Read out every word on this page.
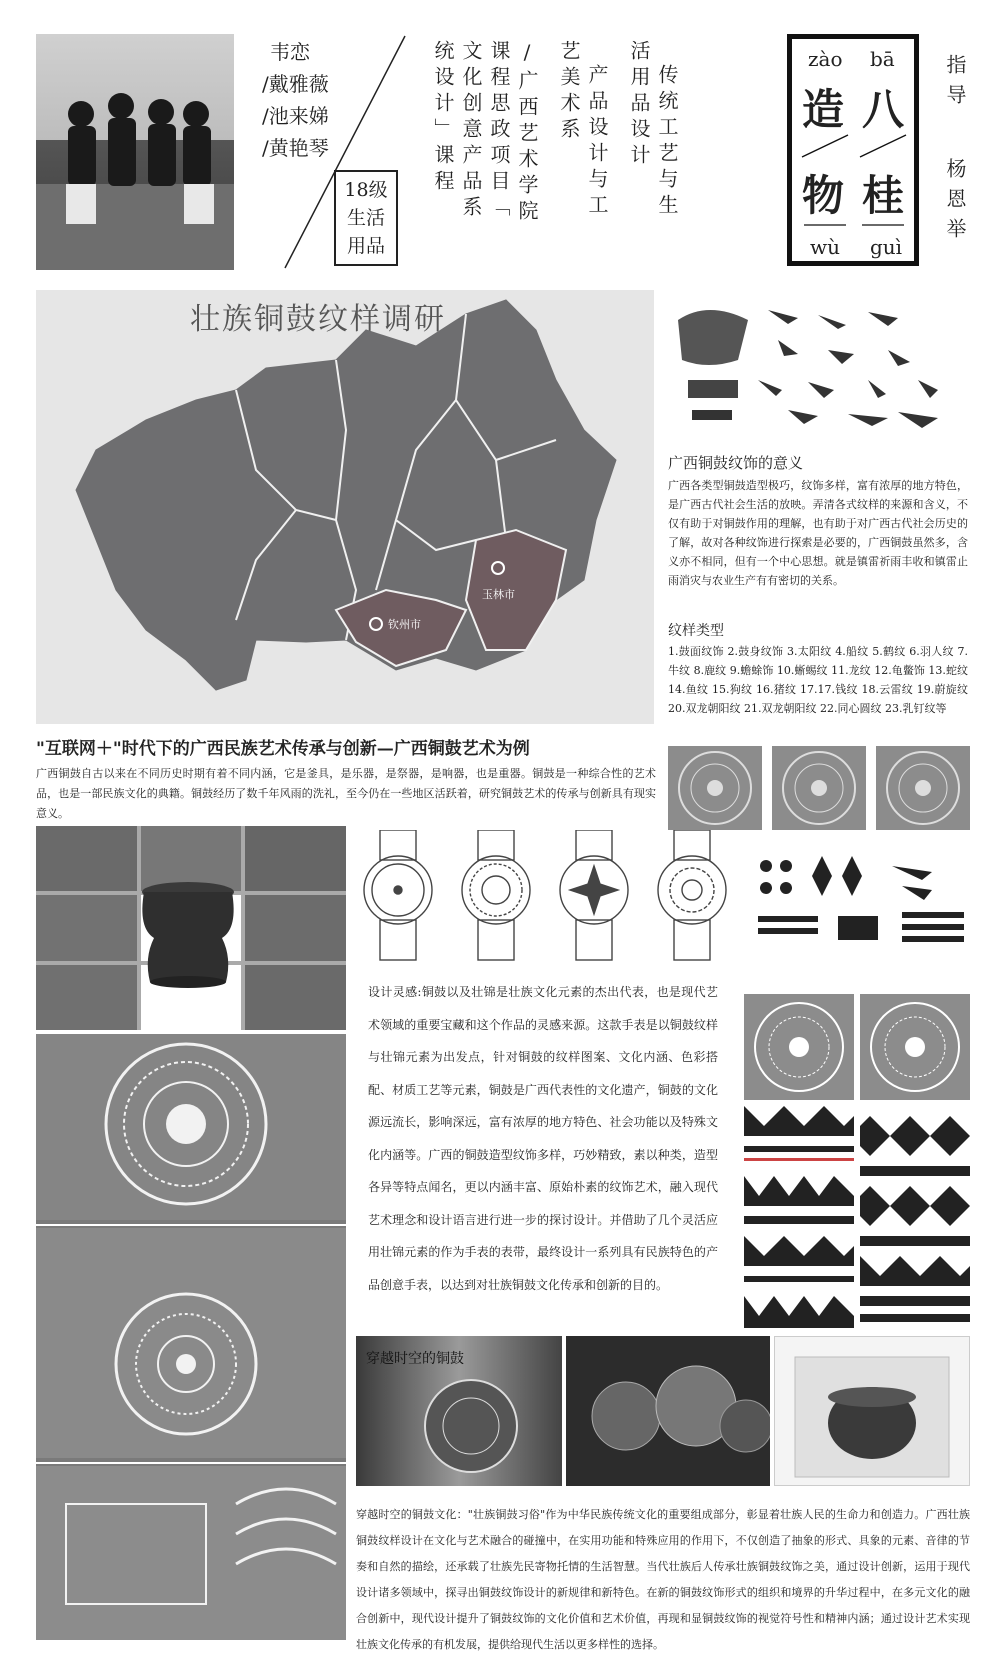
韦恋
/戴雅薇
/池来娣
/黄艳琴
18级
生活
用品
统设计」课程 文化创意产品系 课程思政项目「 /广西艺术学院 艺美术系 产品设计与工 活用品设计 传统工艺与生
zào bā
造 八
物 桂
wù guì
指导
杨恩举
壮族铜鼓纹样调研
玉林市
钦州市
广西铜鼓纹饰的意义
广西各类型铜鼓造型极巧，纹饰多样，富有浓厚的地方特色，是广西古代社会生活的放映。弄清各式纹样的来源和含义，不仅有助于对铜鼓作用的理解，也有助于对广西古代社会历史的了解，故对各种纹饰进行探索是必要的，广西铜鼓虽然多，含义亦不相同，但有一个中心思想。就是镇雷祈雨丰收和镇雷止雨消灾与农业生产有有密切的关系。
纹样类型
1.鼓面纹饰 2.鼓身纹饰 3.太阳纹 4.船纹 5.鹤纹 6.羽人纹 7.牛纹 8.鹿纹 9.蟾蜍饰 10.蜥蜴纹 11.龙纹 12.龟鳖饰 13.蛇纹 14.鱼纹 15.狗纹 16.猪纹 17.17.钱纹 18.云雷纹 19.蔚旋纹 20.双龙朝阳纹 21.双龙朝阳纹 22.同心圆纹 23.乳钉纹等
"互联网＋"时代下的广西民族艺术传承与创新—广西铜鼓艺术为例
广西铜鼓自古以来在不同历史时期有着不同内涵，它是釜具，是乐器，是祭器，是响器，也是重器。铜鼓是一种综合性的艺术品，也是一部民族文化的典籍。铜鼓经历了数千年风雨的洗礼，至今仍在一些地区活跃着，研究铜鼓艺术的传承与创新具有现实意义。
设计灵感:铜鼓以及壮锦是壮族文化元素的杰出代表，也是现代艺术领域的重要宝藏和这个作品的灵感来源。这款手表是以铜鼓纹样与壮锦元素为出发点，针对铜鼓的纹样图案、文化内涵、色彩搭配、材质工艺等元素，铜鼓是广西代表性的文化遗产，铜鼓的文化源远流长，影响深远，富有浓厚的地方特色、社会功能以及特殊文化内涵等。广西的铜鼓造型纹饰多样，巧妙精致，素以种类，造型各异等特点闻名，更以内涵丰富、原始朴素的纹饰艺术，融入现代艺术理念和设计语言进行进一步的探讨设计。并借助了几个灵活应用壮锦元素的作为手表的表带，最终设计一系列具有民族特色的产品创意手表，以达到对壮族铜鼓文化传承和创新的目的。
穿越时空的铜鼓
穿越时空的铜鼓文化："壮族铜鼓习俗"作为中华民族传统文化的重要组成部分，彰显着壮族人民的生命力和创造力。广西壮族铜鼓纹样设计在文化与艺术融合的碰撞中，在实用功能和特殊应用的作用下，不仅创造了抽象的形式、具象的元素、音律的节奏和自然的描绘，还承载了壮族先民寄物托情的生活智慧。当代壮族后人传承壮族铜鼓纹饰之美，通过设计创新，运用于现代设计诸多领域中，探寻出铜鼓纹饰设计的新规律和新特色。在新的铜鼓纹饰形式的组织和境界的升华过程中，在多元文化的融合创新中，现代设计提升了铜鼓纹饰的文化价值和艺术价值，再现和显铜鼓纹饰的视觉符号性和精神内涵；通过设计艺术实现壮族文化传承的有机发展，提供给现代生活以更多样性的选择。
